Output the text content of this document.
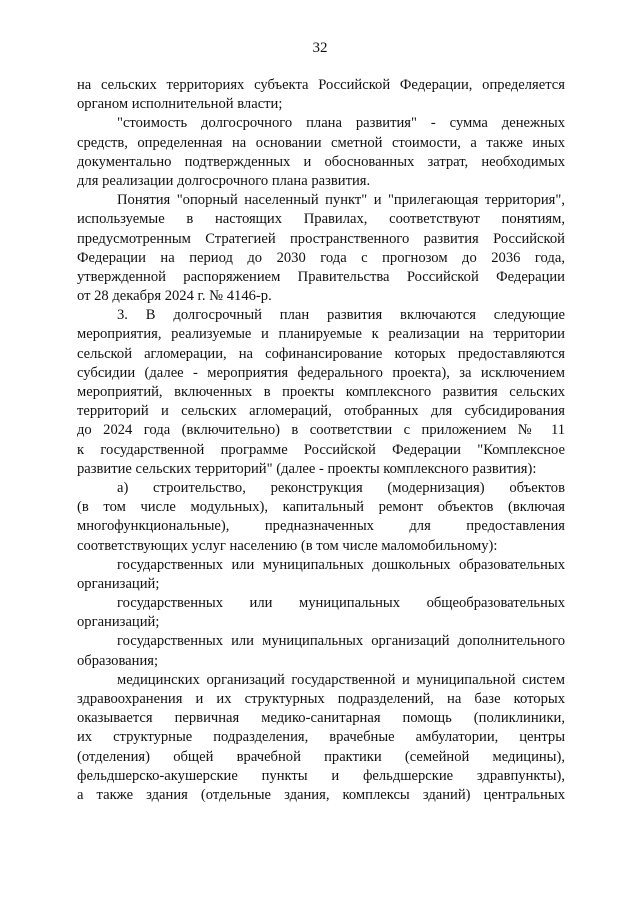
32
на сельских территориях субъекта Российской Федерации, определяется
органом исполнительной власти;
"стоимость долгосрочного плана развития" - сумма денежных
средств, определенная на основании сметной стоимости, а также иных
документально подтвержденных и обоснованных затрат, необходимых
для реализации долгосрочного плана развития.
Понятия "опорный населенный пункт" и "прилегающая территория",
используемые в настоящих Правилах, соответствуют понятиям,
предусмотренным Стратегией пространственного развития Российской
Федерации на период до 2030 года с прогнозом до 2036 года,
утвержденной распоряжением Правительства Российской Федерации
от 28 декабря 2024 г. № 4146-р.
3. В долгосрочный план развития включаются следующие
мероприятия, реализуемые и планируемые к реализации на территории
сельской агломерации, на софинансирование которых предоставляются
субсидии (далее - мероприятия федерального проекта), за исключением
мероприятий, включенных в проекты комплексного развития сельских
территорий и сельских агломераций, отобранных для субсидирования
до 2024 года (включительно) в соответствии с приложением № 11
к государственной программе Российской Федерации "Комплексное
развитие сельских территорий" (далее - проекты комплексного развития):
а) строительство, реконструкция (модернизация) объектов
(в том числе модульных), капитальный ремонт объектов (включая
многофункциональные), предназначенных для предоставления
соответствующих услуг населению (в том числе маломобильному):
государственных или муниципальных дошкольных образовательных
организаций;
государственных или муниципальных общеобразовательных
организаций;
государственных или муниципальных организаций дополнительного
образования;
медицинских организаций государственной и муниципальной систем
здравоохранения и их структурных подразделений, на базе которых
оказывается первичная медико-санитарная помощь (поликлиники,
их структурные подразделения, врачебные амбулатории, центры
(отделения) общей врачебной практики (семейной медицины),
фельдшерско-акушерские пункты и фельдшерские здравпункты),
а также здания (отдельные здания, комплексы зданий) центральных
